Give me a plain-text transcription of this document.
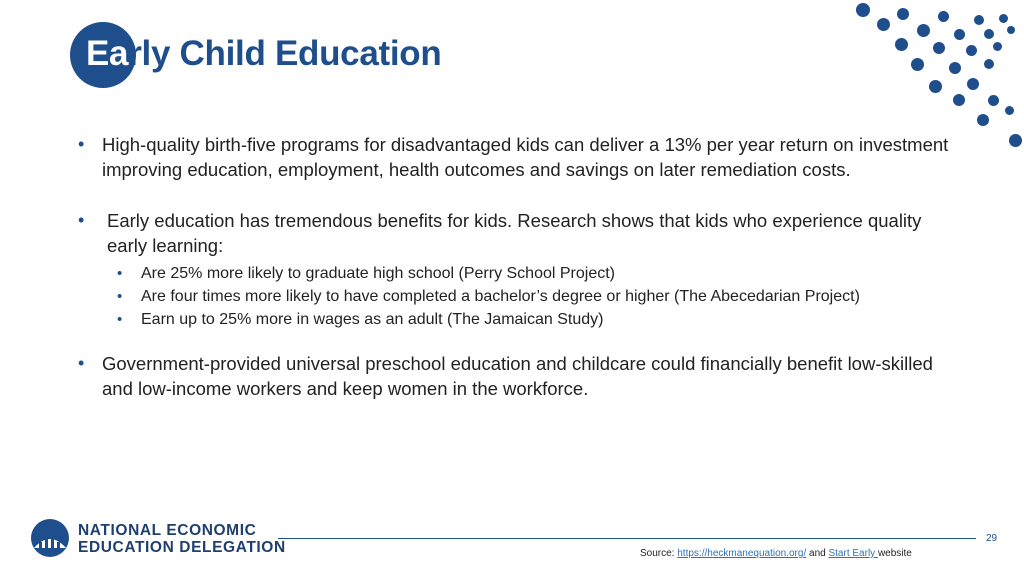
Early Child Education
• High-quality birth-five programs for disadvantaged kids can deliver a 13% per year return on investment improving education, employment, health outcomes and savings on later remediation costs.
• Early education has tremendous benefits for kids. Research shows that kids who experience quality early learning:
• Are 25% more likely to graduate high school (Perry School Project)
• Are four times more likely to have completed a bachelor’s degree or higher (The Abecedarian Project)
• Earn up to 25% more in wages as an adult (The Jamaican Study)
• Government-provided universal preschool education and childcare could financially benefit low-skilled and low-income workers and keep women in the workforce.
NATIONAL ECONOMIC
EDUCATION DELEGATION
29
Source: https://heckmanequation.org/ and Start Early website
